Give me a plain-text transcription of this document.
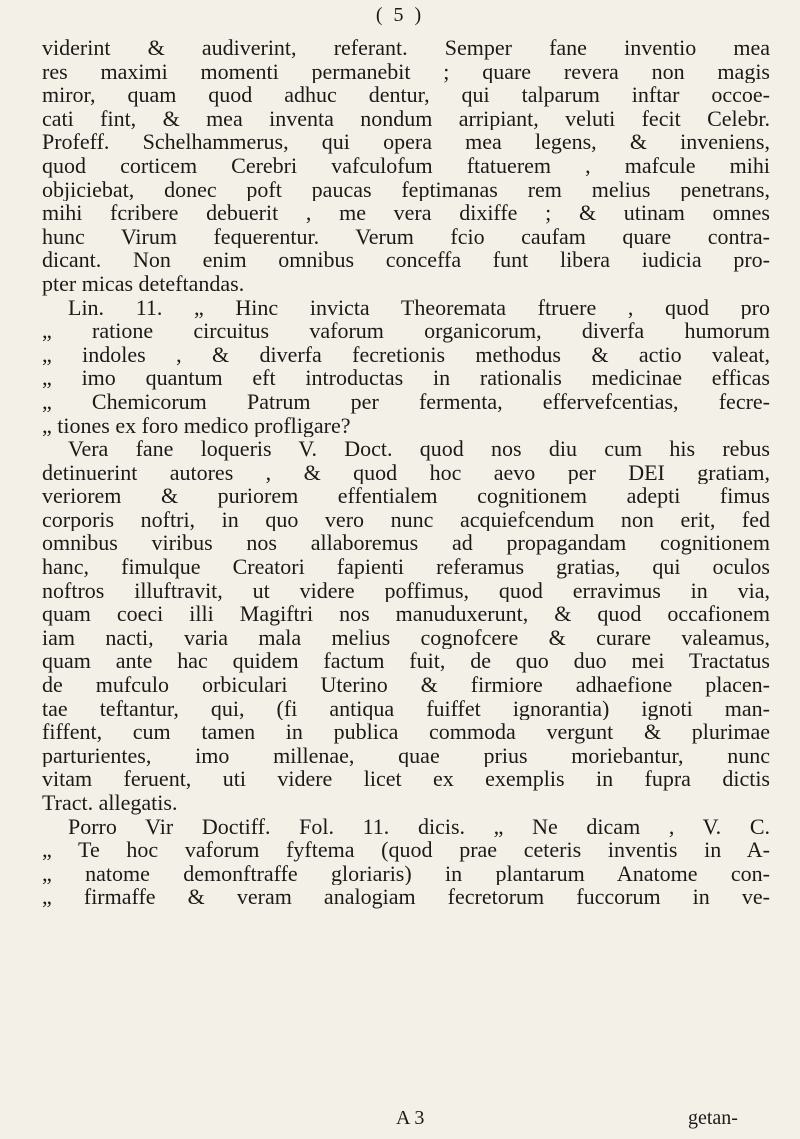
( 5 )
viderint & audiverint, referant. Semper fane inventio mea
res maximi momenti permanebit ; quare revera non magis
miror, quam quod adhuc dentur, qui talparum inftar occoe-
cati fint, & mea inventa nondum arripiant, veluti fecit Celebr.
Profeff. Schelhammerus, qui opera mea legens, & inveniens,
quod corticem Cerebri vafculofum ftatuerem , mafcule mihi
objiciebat, donec poft paucas feptimanas rem melius penetrans,
mihi fcribere debuerit , me vera dixiffe ; & utinam omnes
hunc Virum fequerentur. Verum fcio caufam quare contra-
dicant. Non enim omnibus conceffa funt libera iudicia pro-
pter micas deteftandas.
Lin. 11. „ Hinc invicta Theoremata ftruere , quod pro
„ ratione circuitus vaforum organicorum, diverfa humorum
„ indoles , & diverfa fecretionis methodus & actio valeat,
„ imo quantum eft introductas in rationalis medicinae efficas
„ Chemicorum Patrum per fermenta, effervefcentias, fecre-
„ tiones ex foro medico profligare?
Vera fane loqueris V. Doct. quod nos diu cum his rebus
detinuerint autores , & quod hoc aevo per DEI gratiam,
veriorem & puriorem effentialem cognitionem adepti fimus
corporis noftri, in quo vero nunc acquiefcendum non erit, fed
omnibus viribus nos allaboremus ad propagandam cognitionem
hanc, fimulque Creatori fapienti referamus gratias, qui oculos
noftros illuftravit, ut videre poffimus, quod erravimus in via,
quam coeci illi Magiftri nos manuduxerunt, & quod occafionem
iam nacti, varia mala melius cognofcere & curare valeamus,
quam ante hac quidem factum fuit, de quo duo mei Tractatus
de mufculo orbiculari Uterino & firmiore adhaefione placen-
tae teftantur, qui, (fi antiqua fuiffet ignorantia) ignoti man-
fiffent, cum tamen in publica commoda vergunt & plurimae
parturientes, imo millenae, quae prius moriebantur, nunc
vitam feruent, uti videre licet ex exemplis in fupra dictis
Tract. allegatis.
Porro Vir Doctiff. Fol. 11. dicis. „ Ne dicam , V. C.
„ Te hoc vaforum fyftema (quod prae ceteris inventis in A-
„ natome demonftraffe gloriaris) in plantarum Anatome con-
„ firmaffe & veram analogiam fecretorum fuccorum in ve-
A 3	getan-
